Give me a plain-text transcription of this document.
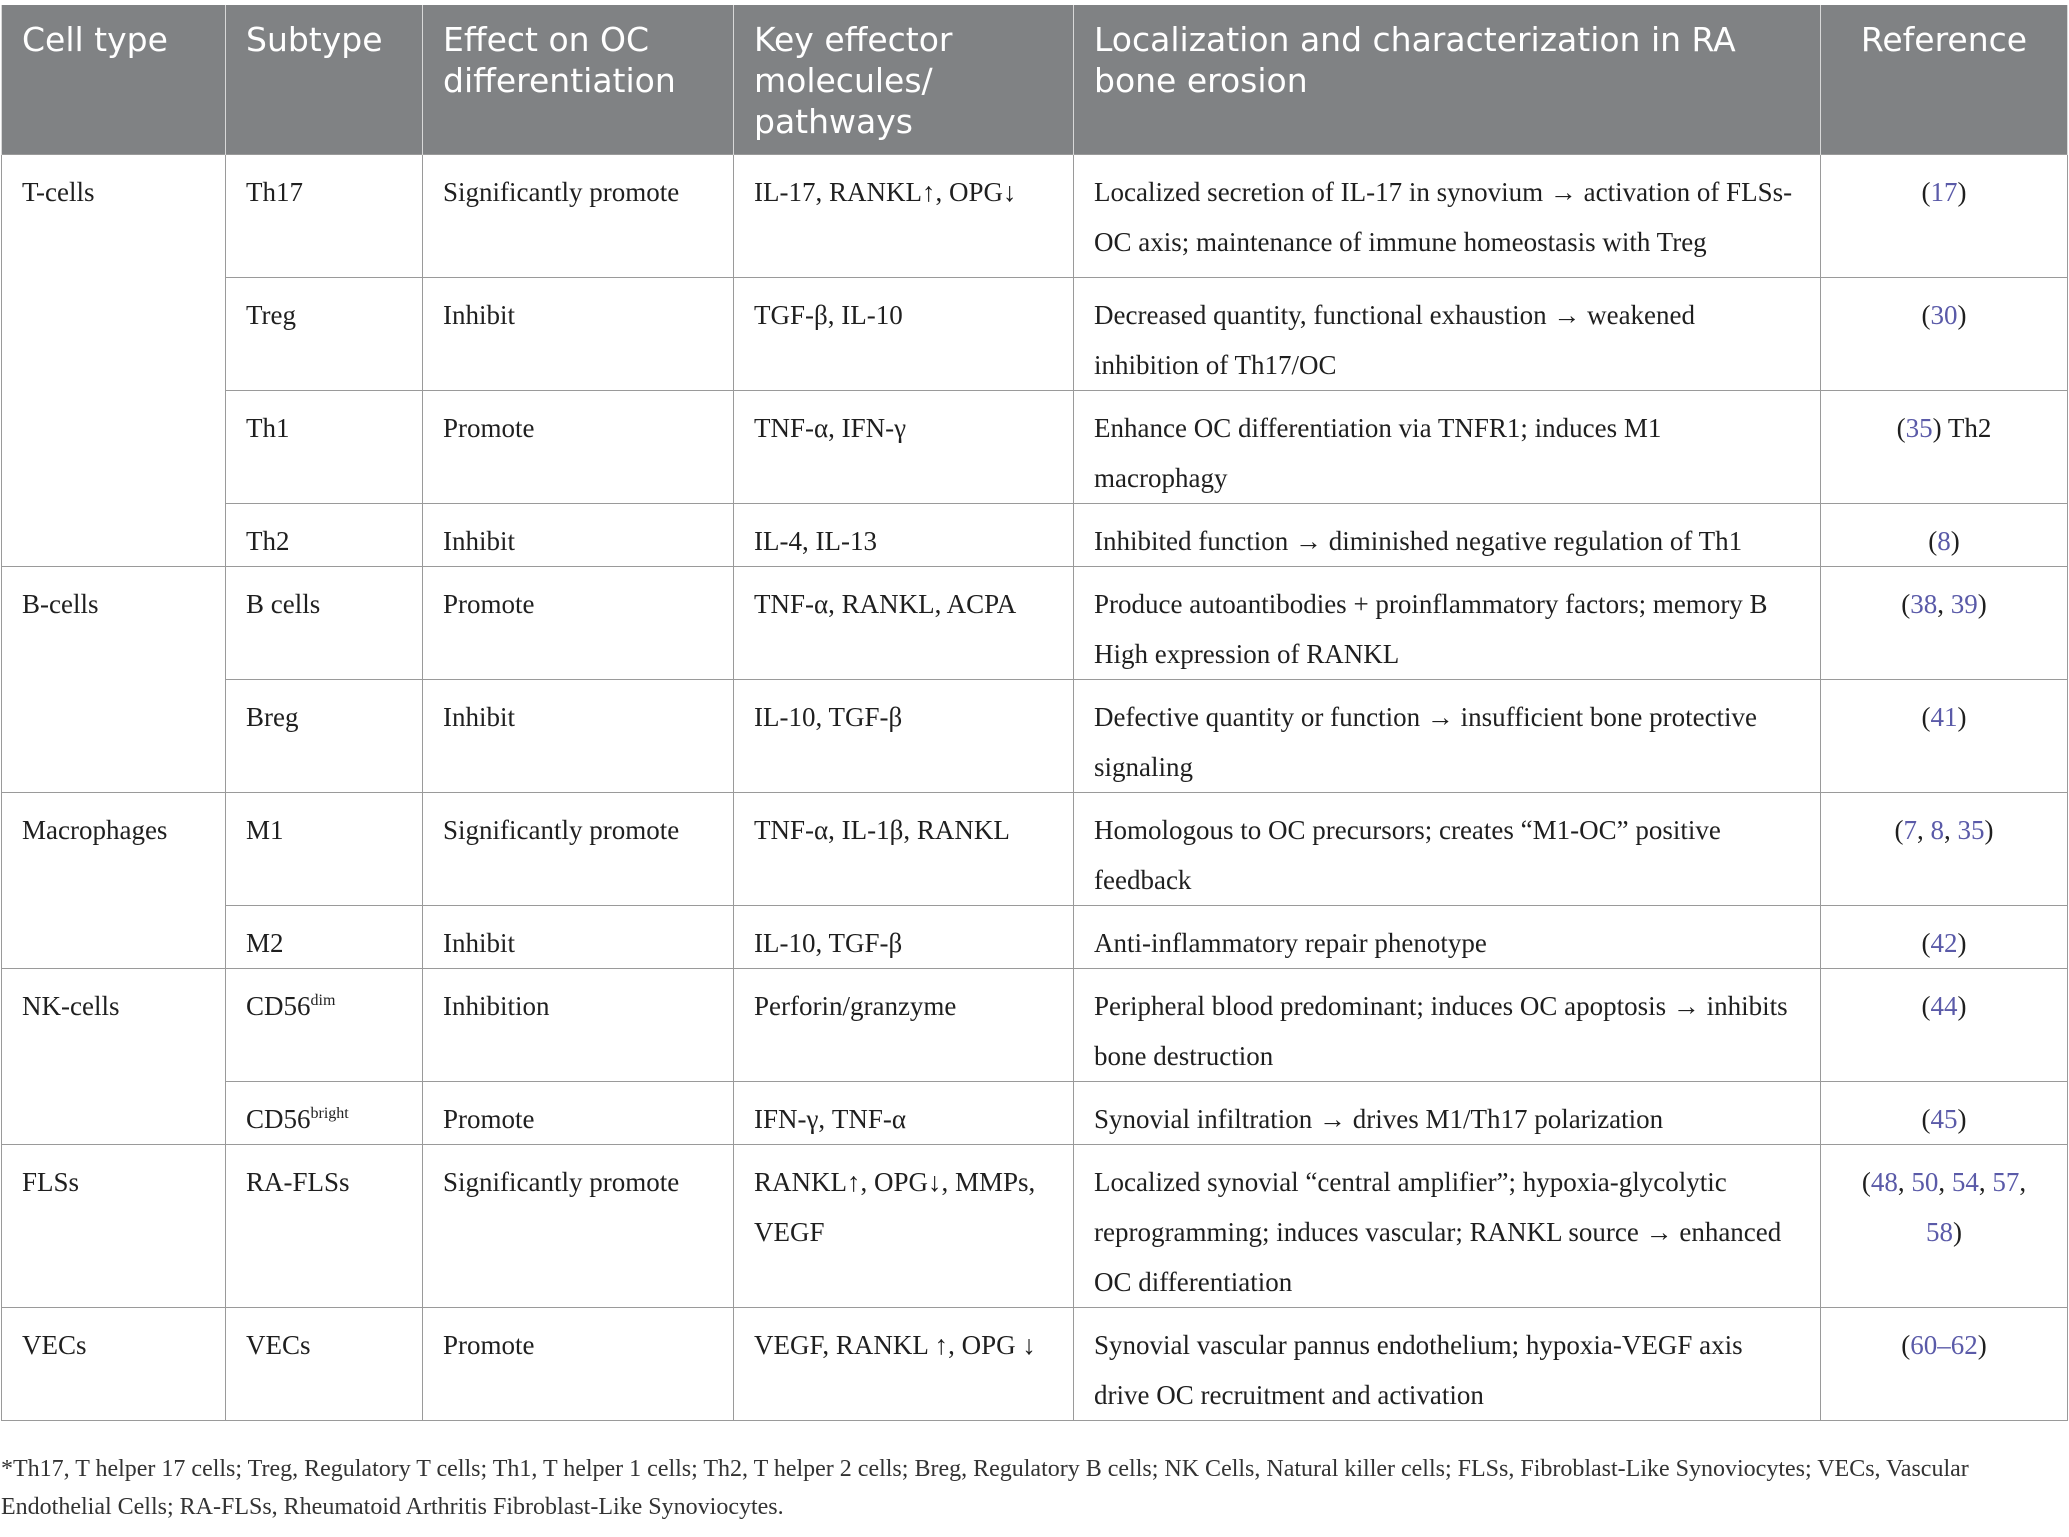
Cell type	Subtype	Effect on OC differentiation	Key effector molecules/ pathways	Localization and characterization in RA bone erosion	Reference
T-cells	Th17	Significantly promote	IL-17, RANKL↑, OPG↓	Localized secretion of IL-17 in synovium → activation of FLSs-OC axis; maintenance of immune homeostasis with Treg	(17)
	Treg	Inhibit	TGF-β, IL-10	Decreased quantity, functional exhaustion → weakened inhibition of Th17/OC	(30)
	Th1	Promote	TNF-α, IFN-γ	Enhance OC differentiation via TNFR1; induces M1 macrophagy	(35) Th2
	Th2	Inhibit	IL-4, IL-13	Inhibited function → diminished negative regulation of Th1	(8)
B-cells	B cells	Promote	TNF-α, RANKL, ACPA	Produce autoantibodies + proinflammatory factors; memory B High expression of RANKL	(38, 39)
	Breg	Inhibit	IL-10, TGF-β	Defective quantity or function → insufficient bone protective signaling	(41)
Macrophages	M1	Significantly promote	TNF-α, IL-1β, RANKL	Homologous to OC precursors; creates “M1-OC” positive feedback	(7, 8, 35)
	M2	Inhibit	IL-10, TGF-β	Anti-inflammatory repair phenotype	(42)
NK-cells	$CD56^{dim}$	Inhibition	Perforin/granzyme	Peripheral blood predominant; induces OC apoptosis → inhibits bone destruction	(44)
	$CD56^{bright}$	Promote	IFN-γ, TNF-α	Synovial infiltration → drives M1/Th17 polarization	(45)
FLSs	RA-FLSs	Significantly promote	RANKL↑, OPG↓, MMPs, VEGF	Localized synovial “central amplifier”; hypoxia-glycolytic reprogramming; induces vascular; RANKL source → enhanced OC differentiation	(48, 50, 54, 57, 58)
VECs	VECs	Promote	VEGF, RANKL ↑, OPG ↓	Synovial vascular pannus endothelium; hypoxia-VEGF axis drive OC recruitment and activation	(60–62)
*Th17, T helper 17 cells; Treg, Regulatory T cells; Th1, T helper 1 cells; Th2, T helper 2 cells; Breg, Regulatory B cells; NK Cells, Natural killer cells; FLSs, Fibroblast-Like Synoviocytes; VECs, Vascular Endothelial Cells; RA-FLSs, Rheumatoid Arthritis Fibroblast-Like Synoviocytes.
